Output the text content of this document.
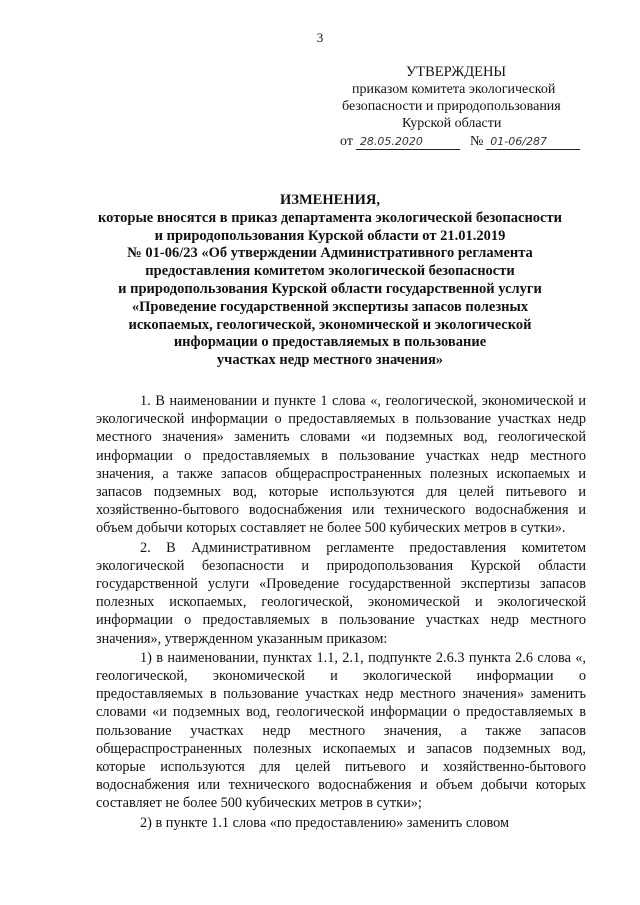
3
УТВЕРЖДЕНЫ
приказом комитета экологической
безопасности и природопользования
Курской области
от 28.05.2020	№ 01-06/287
ИЗМЕНЕНИЯ,
которые вносятся в приказ департамента экологической безопасности
и природопользования Курской области от 21.01.2019
№ 01-06/23 «Об утверждении Административного регламента
предоставления комитетом экологической безопасности
и природопользования Курской области государственной услуги
«Проведение государственной экспертизы запасов полезных
ископаемых, геологической, экономической и экологической
информации о предоставляемых в пользование
участках недр местного значения»

1. В наименовании и пункте 1 слова «, геологической, экономической и экологической информации о предоставляемых в пользование участках недр местного значения» заменить словами «и подземных вод, геологической информации о предоставляемых в пользование участках недр местного значения, а также запасов общераспространенных полезных ископаемых и запасов подземных вод, которые используются для целей питьевого и хозяйственно-бытового водоснабжения или технического водоснабжения и объем добычи которых составляет не более 500 кубических метров в сутки».

2. В Административном регламенте предоставления комитетом экологической безопасности и природопользования Курской области государственной услуги «Проведение государственной экспертизы запасов полезных ископаемых, геологической, экономической и экологической информации о предоставляемых в пользование участках недр местного значения», утвержденном указанным приказом:

1) в наименовании, пунктах 1.1, 2.1, подпункте 2.6.3 пункта 2.6 слова «, геологической, экономической и экологической информации о предоставляемых в пользование участках недр местного значения» заменить словами «и подземных вод, геологической информации о предоставляемых в пользование участках недр местного значения, а также запасов общераспространенных полезных ископаемых и запасов подземных вод, которые используются для целей питьевого и хозяйственно-бытового водоснабжения или технического водоснабжения и объем добычи которых составляет не более 500 кубических метров в сутки»;

2) в пункте 1.1 слова «по предоставлению» заменить словом
